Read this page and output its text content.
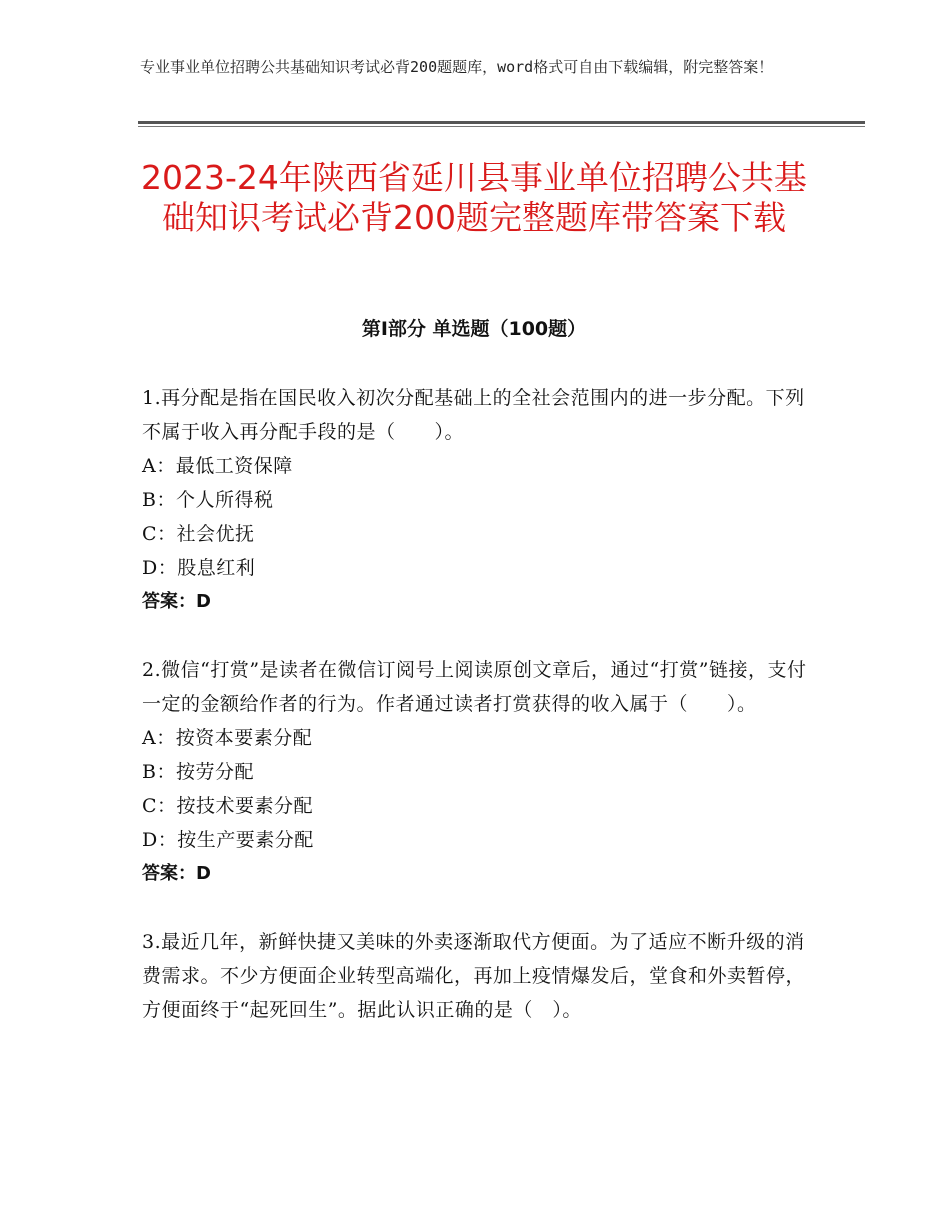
专业事业单位招聘公共基础知识考试必背200题题库，word格式可自由下载编辑，附完整答案！
2023-24年陕西省延川县事业单位招聘公共基础知识考试必背200题完整题库带答案下载
第Ⅰ部分 单选题（100题）
1.再分配是指在国民收入初次分配基础上的全社会范围内的进一步分配。下列不属于收入再分配手段的是（　　）。
A：最低工资保障
B：个人所得税
C：社会优抚
D：股息红利
答案：D
2.微信“打赏”是读者在微信订阅号上阅读原创文章后，通过“打赏”链接，支付一定的金额给作者的行为。作者通过读者打赏获得的收入属于（　　）。
A：按资本要素分配
B：按劳分配
C：按技术要素分配
D：按生产要素分配
答案：D
3.最近几年，新鲜快捷又美味的外卖逐渐取代方便面。为了适应不断升级的消费需求。不少方便面企业转型高端化，再加上疫情爆发后，堂食和外卖暂停，方便面终于“起死回生”。据此认识正确的是（　）。
